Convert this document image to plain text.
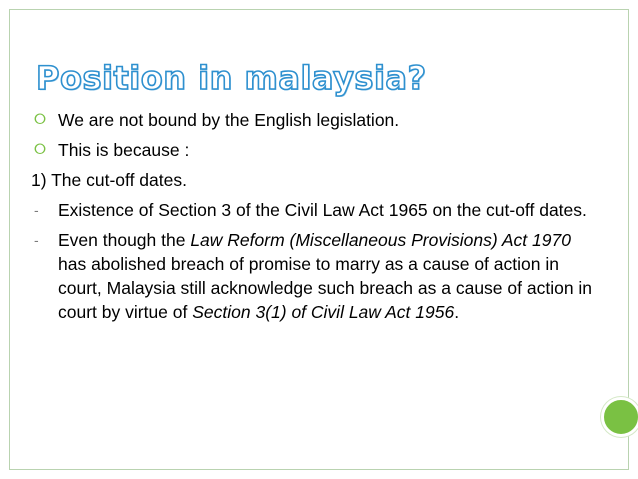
Position in malaysia?
⭘ We are not bound by the English legislation.
⭘ This is because :
1) The cut-off dates.
- Existence of Section 3 of the Civil Law Act 1965 on the cut-off dates.
- Even though the Law Reform (Miscellaneous Provisions) Act 1970 has abolished breach of promise to marry as a cause of action in court, Malaysia still acknowledge such breach as a cause of action in court by virtue of Section 3(1) of Civil Law Act 1956.
